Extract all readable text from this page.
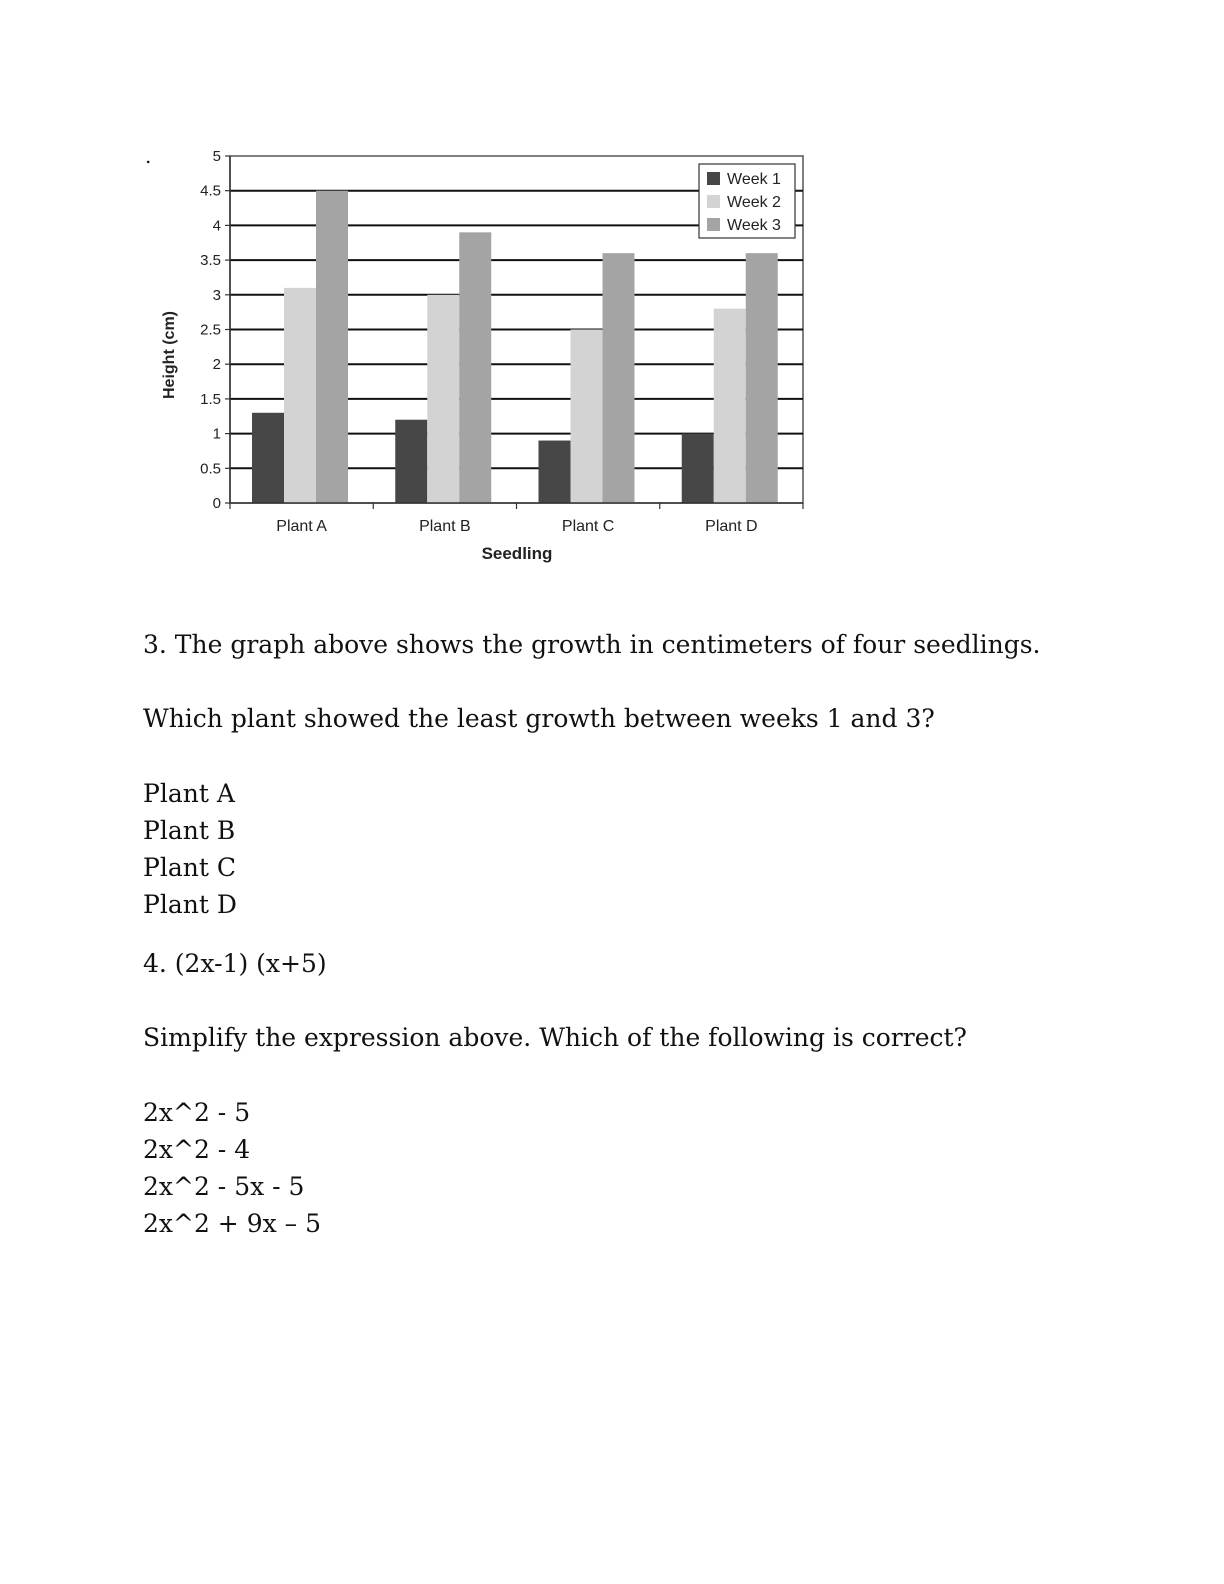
.
0
0.5
1
1.5
2
2.5
3
3.5
4
4.5
5
Plant A	Plant B	Plant C	Plant D
Height (cm)
Seedling
Week 1
Week 2
Week 3

3. The graph above shows the growth in centimeters of four seedlings.

Which plant showed the least growth between weeks 1 and 3?

Plant A
Plant B
Plant C
Plant D

4. (2x-1) (x+5)

Simplify the expression above. Which of the following is correct?

2x^2 - 5
2x^2 - 4
2x^2 - 5x - 5
2x^2 + 9x – 5
